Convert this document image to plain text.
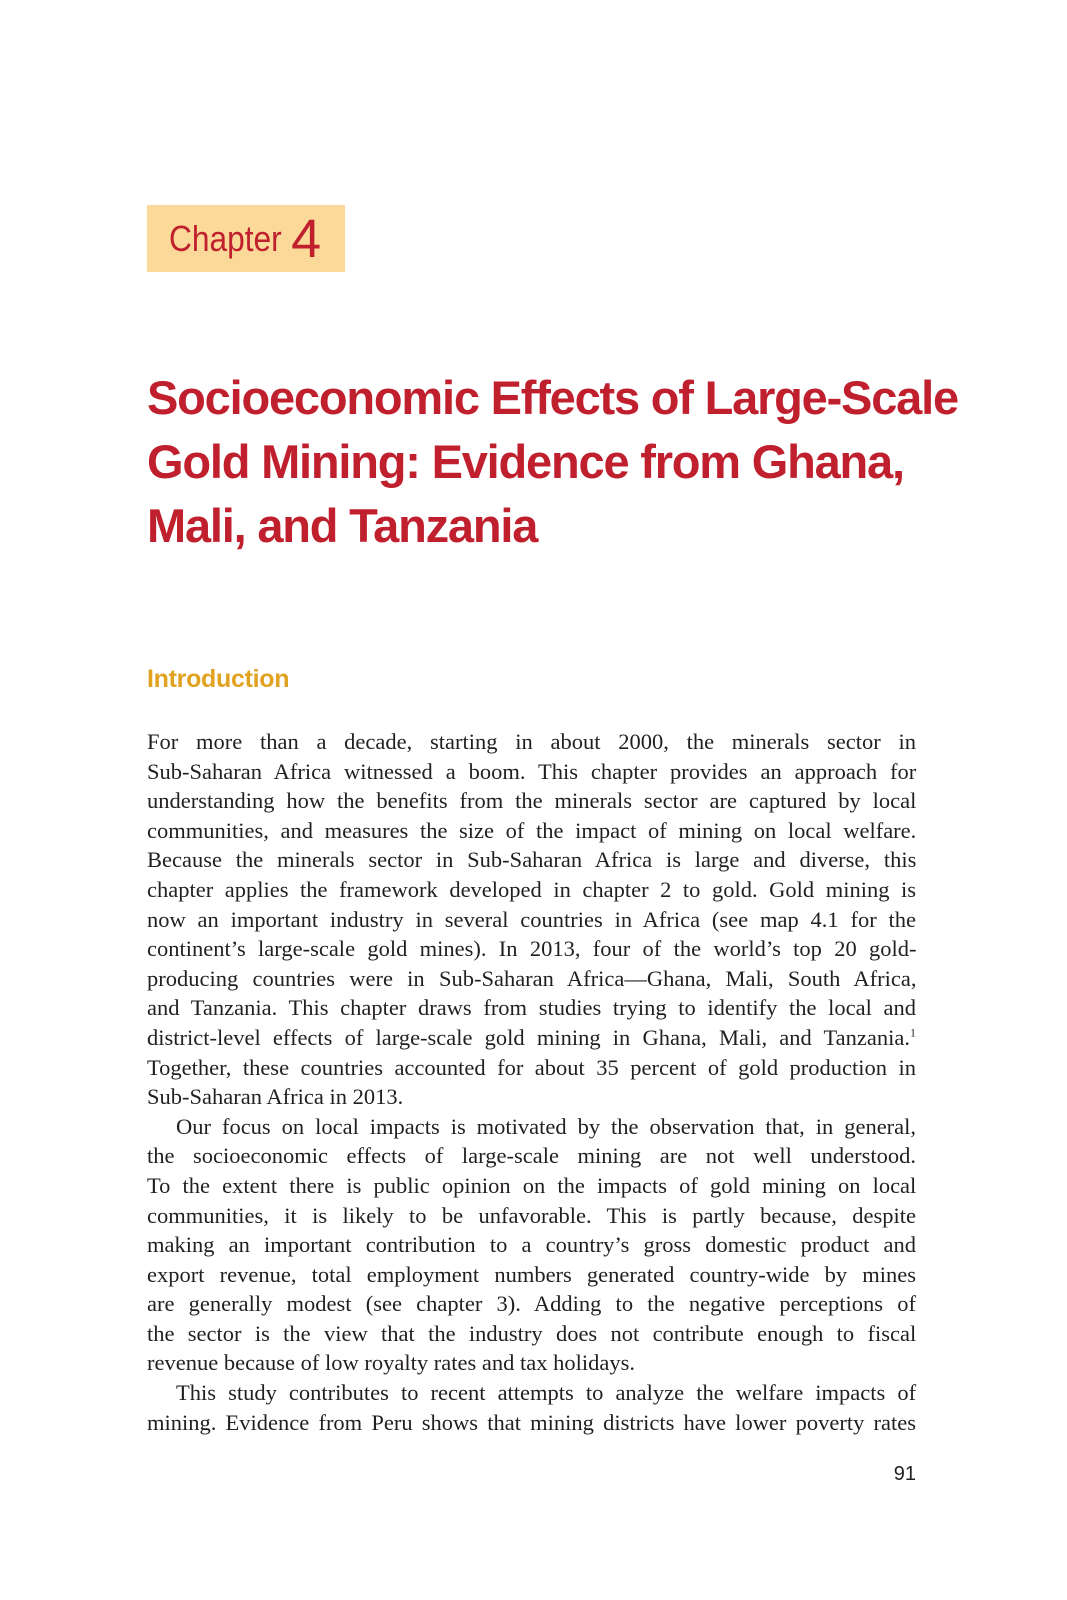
Chapter 4
Socioeconomic Effects of Large-Scale
Gold Mining: Evidence from Ghana,
Mali, and Tanzania
Introduction

For more than a decade, starting in about 2000, the minerals sector in
Sub-Saharan Africa witnessed a boom. This chapter provides an approach for
understanding how the benefits from the minerals sector are captured by local
communities, and measures the size of the impact of mining on local welfare.
Because the minerals sector in Sub-Saharan Africa is large and diverse, this
chapter applies the framework developed in chapter 2 to gold. Gold mining is
now an important industry in several countries in Africa (see map 4.1 for the
continent’s large-scale gold mines). In 2013, four of the world’s top 20 gold-
producing countries were in Sub-Saharan Africa—Ghana, Mali, South Africa,
and Tanzania. This chapter draws from studies trying to identify the local and
district-level effects of large-scale gold mining in Ghana, Mali, and Tanzania.$^1$
Together, these countries accounted for about 35 percent of gold production in
Sub-Saharan Africa in 2013.

Our focus on local impacts is motivated by the observation that, in general,
the socioeconomic effects of large-scale mining are not well understood.
To the extent there is public opinion on the impacts of gold mining on local
communities, it is likely to be unfavorable. This is partly because, despite
making an important contribution to a country’s gross domestic product and
export revenue, total employment numbers generated country-wide by mines
are generally modest (see chapter 3). Adding to the negative perceptions of
the sector is the view that the industry does not contribute enough to fiscal
revenue because of low royalty rates and tax holidays.

This study contributes to recent attempts to analyze the welfare impacts of
mining. Evidence from Peru shows that mining districts have lower poverty rates

91
